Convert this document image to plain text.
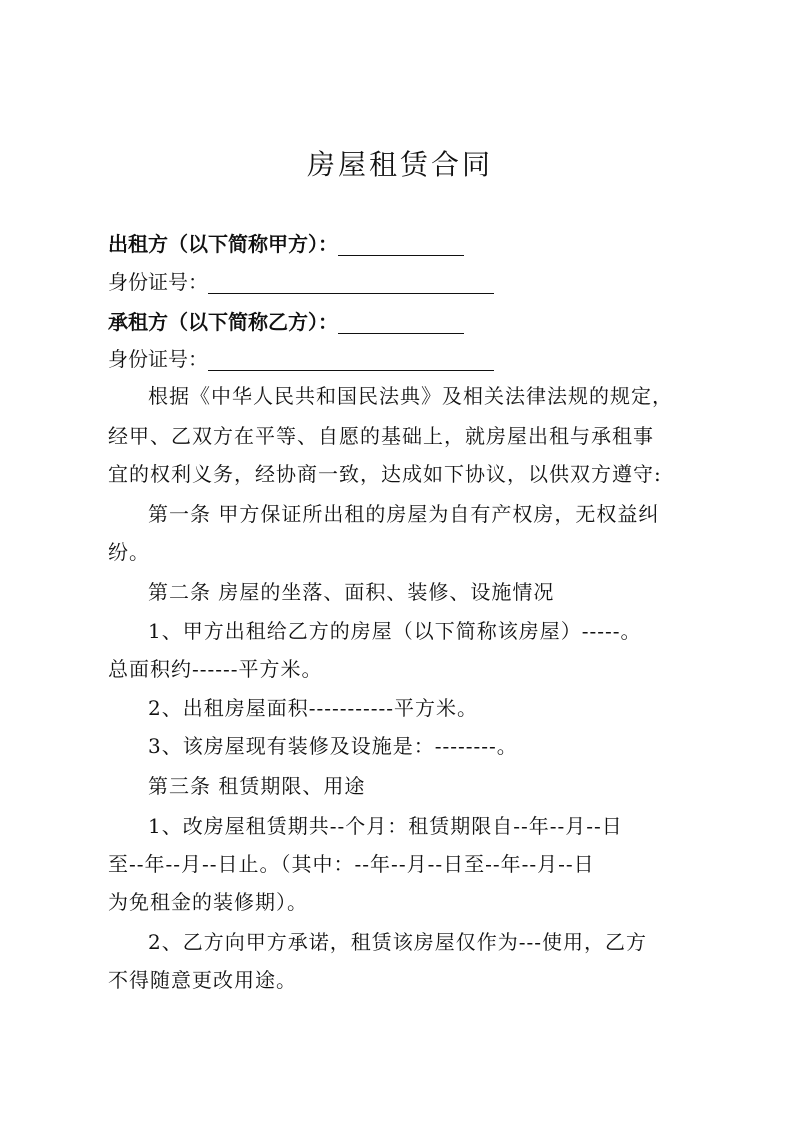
房屋租赁合同
出租方（以下简称甲方）：
身份证号：
承租方（以下简称乙方）：
身份证号：
根据《中华人民共和国民法典》及相关法律法规的规定，
经甲、乙双方在平等、自愿的基础上，就房屋出租与承租事
宜的权利义务，经协商一致，达成如下协议，以供双方遵守:
第一条 甲方保证所出租的房屋为自有产权房，无权益纠
纷。
第二条 房屋的坐落、面积、装修、设施情况
1、甲方出租给乙方的房屋（以下简称该房屋）-----。
总面积约------平方米。
2、出租房屋面积-----------平方米。
3、该房屋现有装修及设施是：--------。
第三条 租赁期限、用途
1、改房屋租赁期共--个月：租赁期限自--年--月--日
至--年--月--日止。（其中：--年--月--日至--年--月--日
为免租金的装修期）。
2、乙方向甲方承诺，租赁该房屋仅作为---使用，乙方
不得随意更改用途。
